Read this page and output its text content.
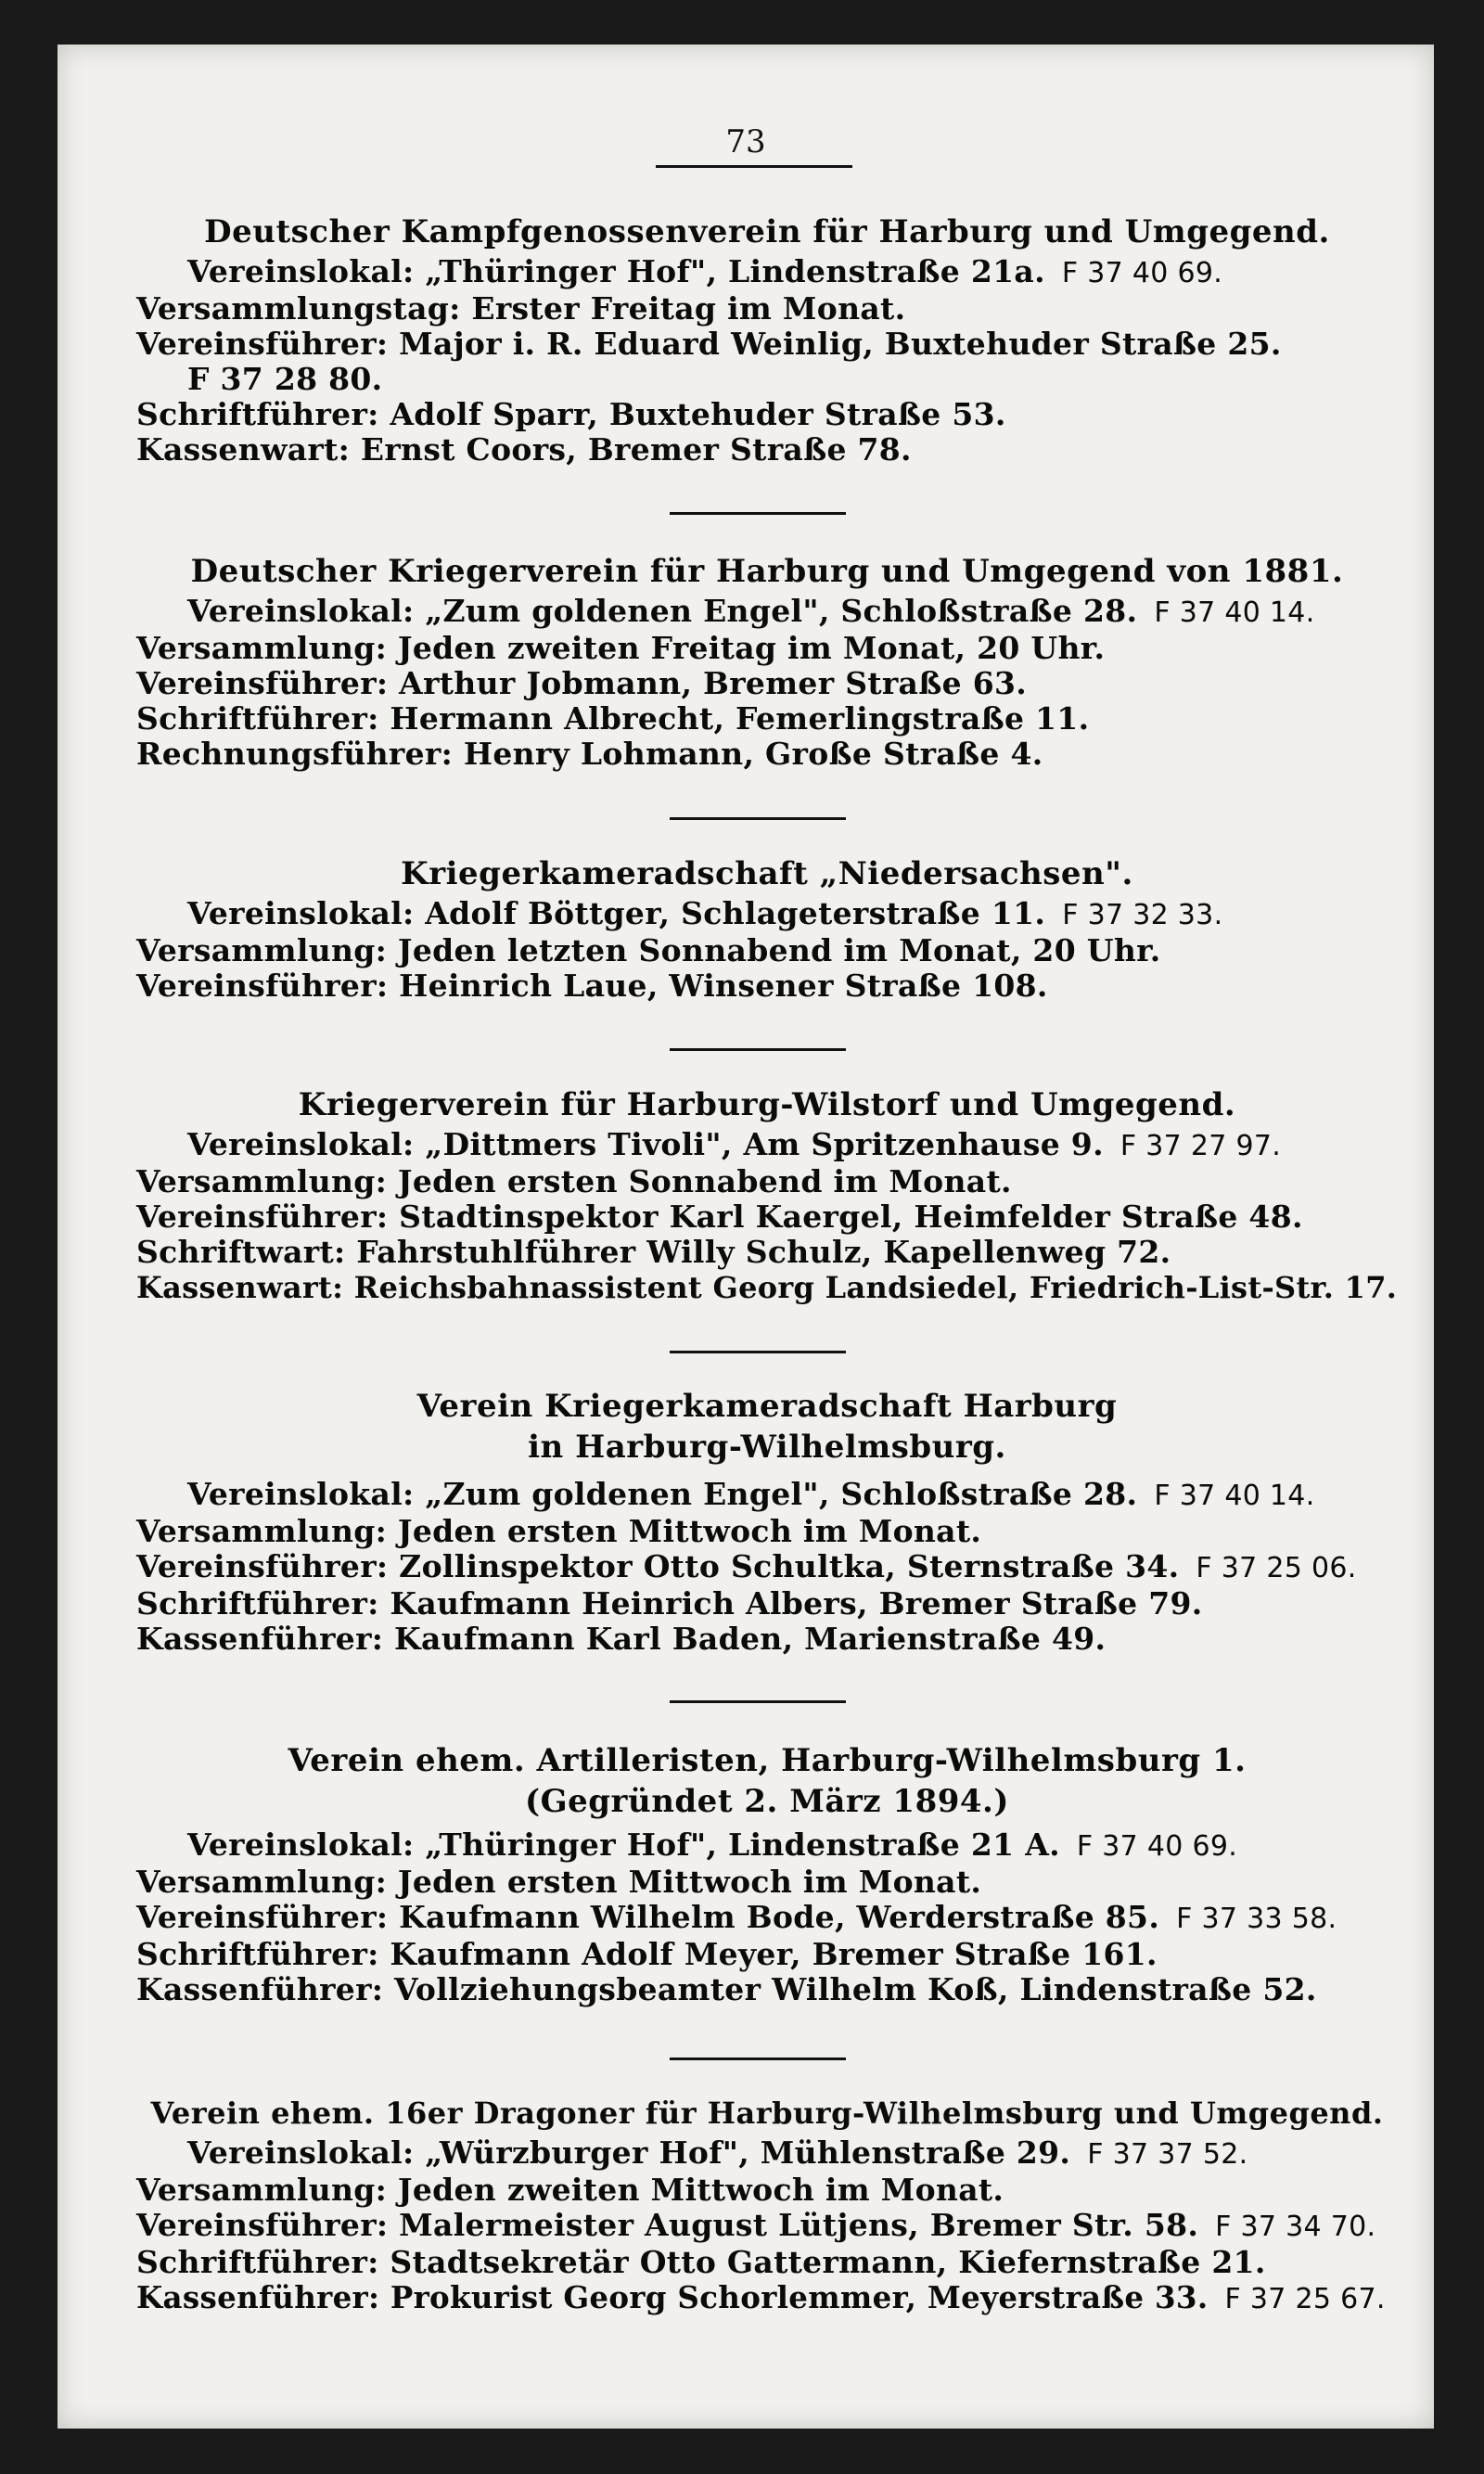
73
Deutscher Kampfgenossenverein für Harburg und Umgegend.
Vereinslokal: „Thüringer Hof", Lindenstraße 21a. F 37 40 69.
Versammlungstag: Erster Freitag im Monat.
Vereinsführer: Major i. R. Eduard Weinlig, Buxtehuder Straße 25.
F 37 28 80.
Schriftführer: Adolf Sparr, Buxtehuder Straße 53.
Kassenwart: Ernst Coors, Bremer Straße 78.
Deutscher Kriegerverein für Harburg und Umgegend von 1881.
Vereinslokal: „Zum goldenen Engel", Schloßstraße 28. F 37 40 14.
Versammlung: Jeden zweiten Freitag im Monat, 20 Uhr.
Vereinsführer: Arthur Jobmann, Bremer Straße 63.
Schriftführer: Hermann Albrecht, Femerlingstraße 11.
Rechnungsführer: Henry Lohmann, Große Straße 4.
Kriegerkameradschaft „Niedersachsen".
Vereinslokal: Adolf Böttger, Schlageterstraße 11. F 37 32 33.
Versammlung: Jeden letzten Sonnabend im Monat, 20 Uhr.
Vereinsführer: Heinrich Laue, Winsener Straße 108.
Kriegerverein für Harburg-Wilstorf und Umgegend.
Vereinslokal: „Dittmers Tivoli", Am Spritzenhause 9. F 37 27 97.
Versammlung: Jeden ersten Sonnabend im Monat.
Vereinsführer: Stadtinspektor Karl Kaergel, Heimfelder Straße 48.
Schriftwart: Fahrstuhlführer Willy Schulz, Kapellenweg 72.
Kassenwart: Reichsbahnassistent Georg Landsiedel, Friedrich-List-Str. 17.
Verein Kriegerkameradschaft Harburg
in Harburg-Wilhelmsburg.
Vereinslokal: „Zum goldenen Engel", Schloßstraße 28. F 37 40 14.
Versammlung: Jeden ersten Mittwoch im Monat.
Vereinsführer: Zollinspektor Otto Schultka, Sternstraße 34. F 37 25 06.
Schriftführer: Kaufmann Heinrich Albers, Bremer Straße 79.
Kassenführer: Kaufmann Karl Baden, Marienstraße 49.
Verein ehem. Artilleristen, Harburg-Wilhelmsburg 1.
(Gegründet 2. März 1894.)
Vereinslokal: „Thüringer Hof", Lindenstraße 21 A. F 37 40 69.
Versammlung: Jeden ersten Mittwoch im Monat.
Vereinsführer: Kaufmann Wilhelm Bode, Werderstraße 85. F 37 33 58.
Schriftführer: Kaufmann Adolf Meyer, Bremer Straße 161.
Kassenführer: Vollziehungsbeamter Wilhelm Koß, Lindenstraße 52.
Verein ehem. 16er Dragoner für Harburg-Wilhelmsburg und Umgegend.
Vereinslokal: „Würzburger Hof", Mühlenstraße 29. F 37 37 52.
Versammlung: Jeden zweiten Mittwoch im Monat.
Vereinsführer: Malermeister August Lütjens, Bremer Str. 58. F 37 34 70.
Schriftführer: Stadtsekretär Otto Gattermann, Kiefernstraße 21.
Kassenführer: Prokurist Georg Schorlemmer, Meyerstraße 33. F 37 25 67.
